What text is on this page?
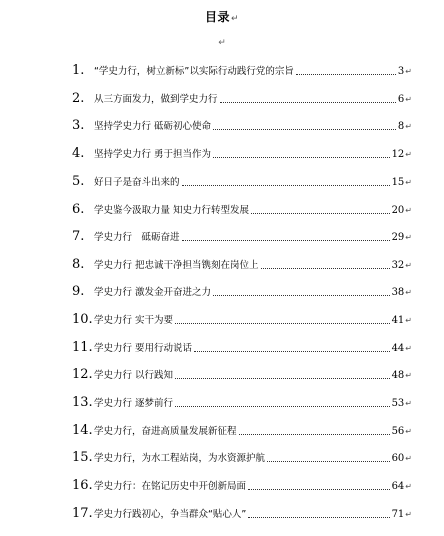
目录↵
↵
1.	“学史力行，树立新标”以实际行动践行党的宗旨	3 ↵
2.	从三方面发力，做到学史力行	6 ↵
3.	坚持学史力行 砥砺初心使命	8 ↵
4.	坚持学史力行 勇于担当作为	12 ↵
5.	好日子是奋斗出来的	15 ↵
6.	学史鉴今汲取力量 知史力行转型发展	20 ↵
7.	学史力行　砥砺奋进	29 ↵
8.	学史力行 把忠诚干净担当镌刻在岗位上	32 ↵
9.	学史力行 激发金开奋进之力	38 ↵
10. 学史力行 实干为要	41 ↵
11. 学史力行 要用行动说话	44 ↵
12. 学史力行 以行践知	48 ↵
13. 学史力行 逐梦前行	53 ↵
14. 学史力行，奋进高质量发展新征程	56 ↵
15. 学史力行，为水工程站岗，为水资源护航	60 ↵
16. 学史力行：在铭记历史中开创新局面	64 ↵
17. 学史力行践初心，争当群众“贴心人”	71 ↵
